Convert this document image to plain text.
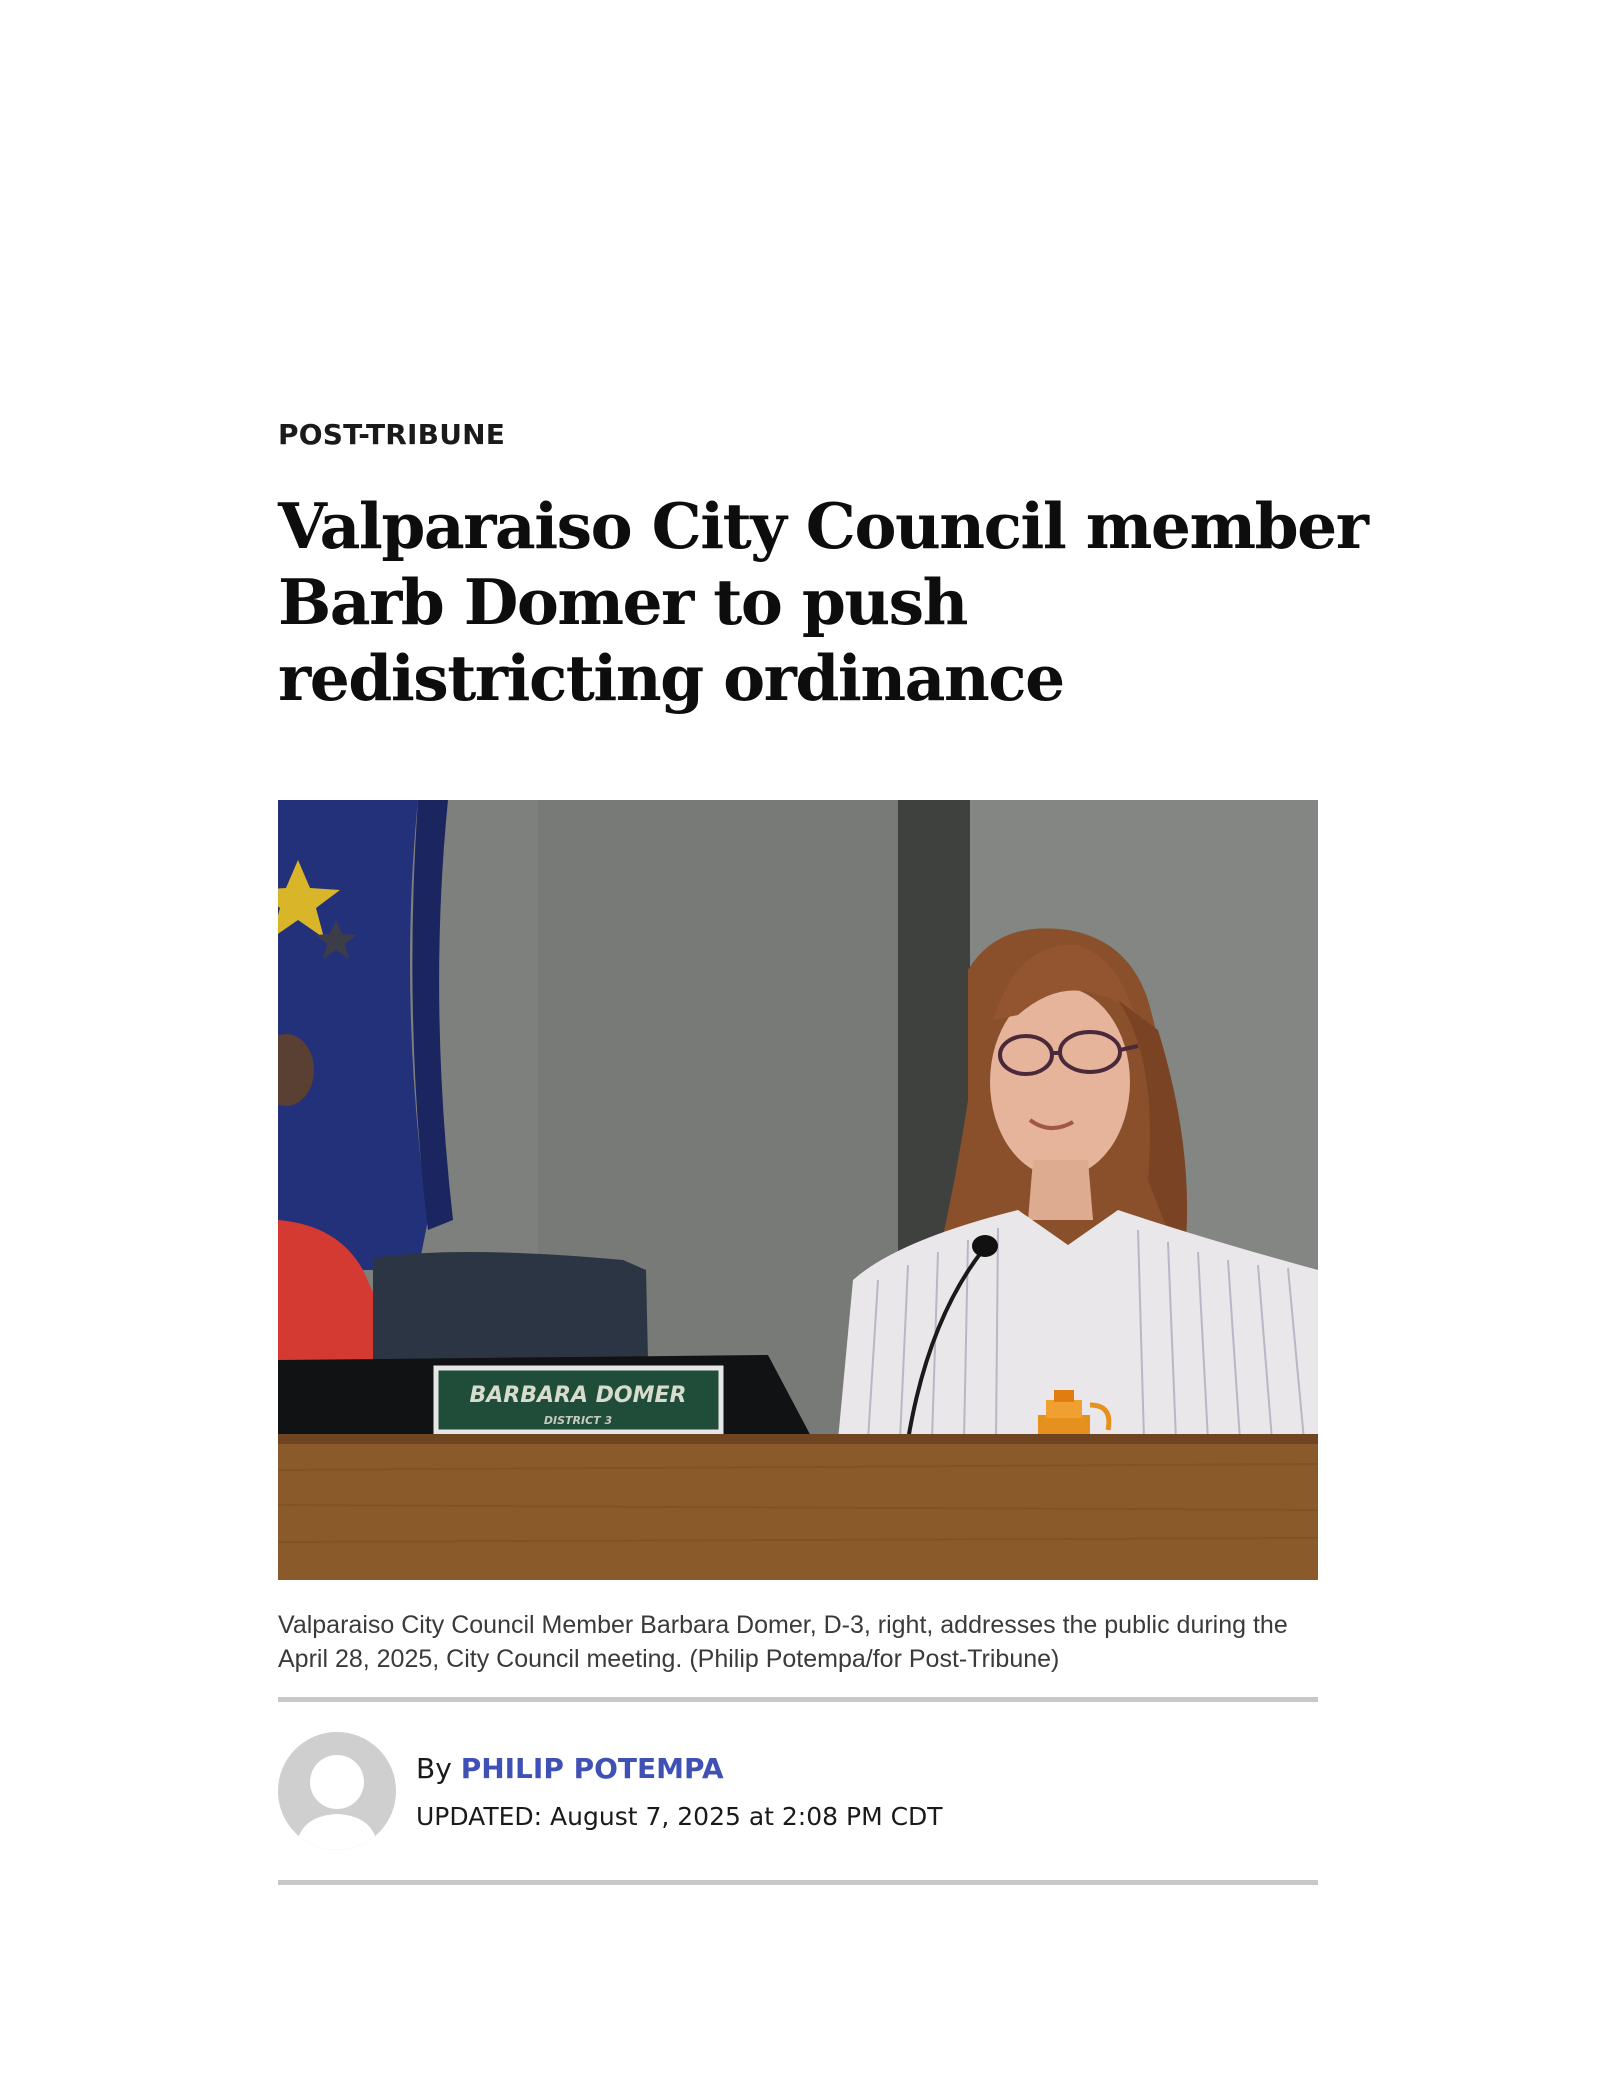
POST-TRIBUNE
Valparaiso City Council member
Barb Domer to push
redistricting ordinance
BARBARA DOMER
DISTRICT 3
Valparaiso City Council Member Barbara Domer, D-3, right, addresses the public during the April 28, 2025, City Council meeting. (Philip Potempa/for Post-Tribune)
By PHILIP POTEMPA
UPDATED: August 7, 2025 at 2:08 PM CDT
